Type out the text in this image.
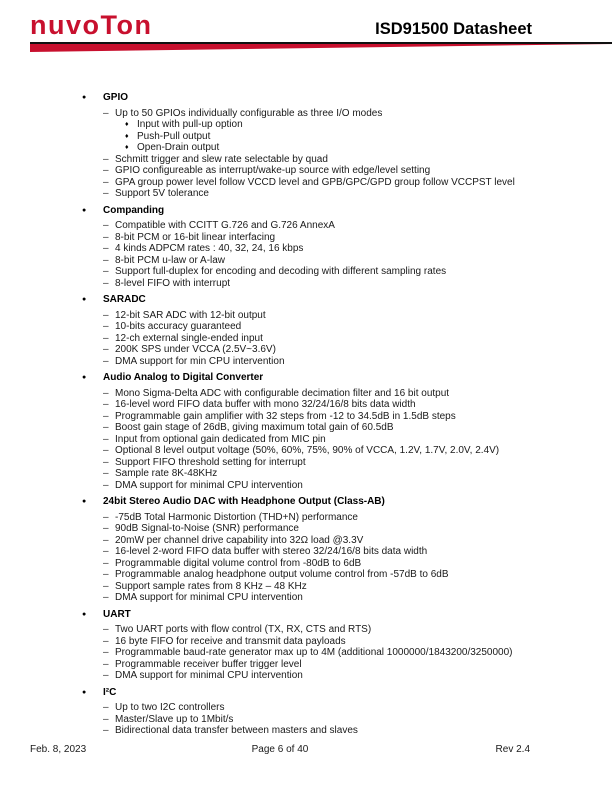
nuvoTon	ISD91500 Datasheet
●	GPIO
– Up to 50 GPIOs individually configurable as three I/O modes
♦ Input with pull-up option
♦ Push-Pull output
♦ Open-Drain output
– Schmitt trigger and slew rate selectable by quad
– GPIO configureable as interrupt/wake-up source with edge/level setting
– GPA group power level follow VCCD level and GPB/GPC/GPD group follow VCCPST level
– Support 5V tolerance
●	Companding
– Compatible with CCITT G.726 and G.726 AnnexA
– 8-bit PCM or 16-bit linear interfacing
– 4 kinds ADPCM rates : 40, 32, 24, 16 kbps
– 8-bit PCM u-law or A-law
– Support full-duplex for encoding and decoding with different sampling rates
– 8-level FIFO with interrupt
●	SARADC
– 12-bit SAR ADC with 12-bit output
– 10-bits accuracy guaranteed
– 12-ch external single-ended input
– 200K SPS under VCCA (2.5V~3.6V)
– DMA support for min CPU intervention
●	Audio Analog to Digital Converter
– Mono Sigma-Delta ADC with configurable decimation filter and 16 bit output
– 16-level word FIFO data buffer with mono 32/24/16/8 bits data width
– Programmable gain amplifier with 32 steps from -12 to 34.5dB in 1.5dB steps
– Boost gain stage of 26dB, giving maximum total gain of 60.5dB
– Input from optional gain dedicated from MIC pin
– Optional 8 level output voltage (50%, 60%, 75%, 90% of VCCA, 1.2V, 1.7V, 2.0V, 2.4V)
– Support FIFO threshold setting for interrupt
– Sample rate 8K-48KHz
– DMA support for minimal CPU intervention
●	24bit Stereo Audio DAC with Headphone Output (Class-AB)
– -75dB Total Harmonic Distortion (THD+N) performance
– 90dB Signal-to-Noise (SNR) performance
– 20mW per channel drive capability into 32Ω load @3.3V
– 16-level 2-word FIFO data buffer with stereo 32/24/16/8 bits data width
– Programmable digital volume control from -80dB to 6dB
– Programmable analog headphone output volume control from -57dB to 6dB
– Support sample rates from 8 KHz – 48 KHz
– DMA support for minimal CPU intervention
●	UART
– Two UART ports with flow control (TX, RX, CTS and RTS)
– 16 byte FIFO for receive and transmit data payloads
– Programmable baud-rate generator max up to 4M (additional 1000000/1843200/3250000)
– Programmable receiver buffer trigger level
– DMA support for minimal CPU intervention
●	I²C
– Up to two I2C controllers
– Master/Slave up to 1Mbit/s
– Bidirectional data transfer between masters and slaves
Feb. 8, 2023	Page 6 of 40	Rev 2.4
